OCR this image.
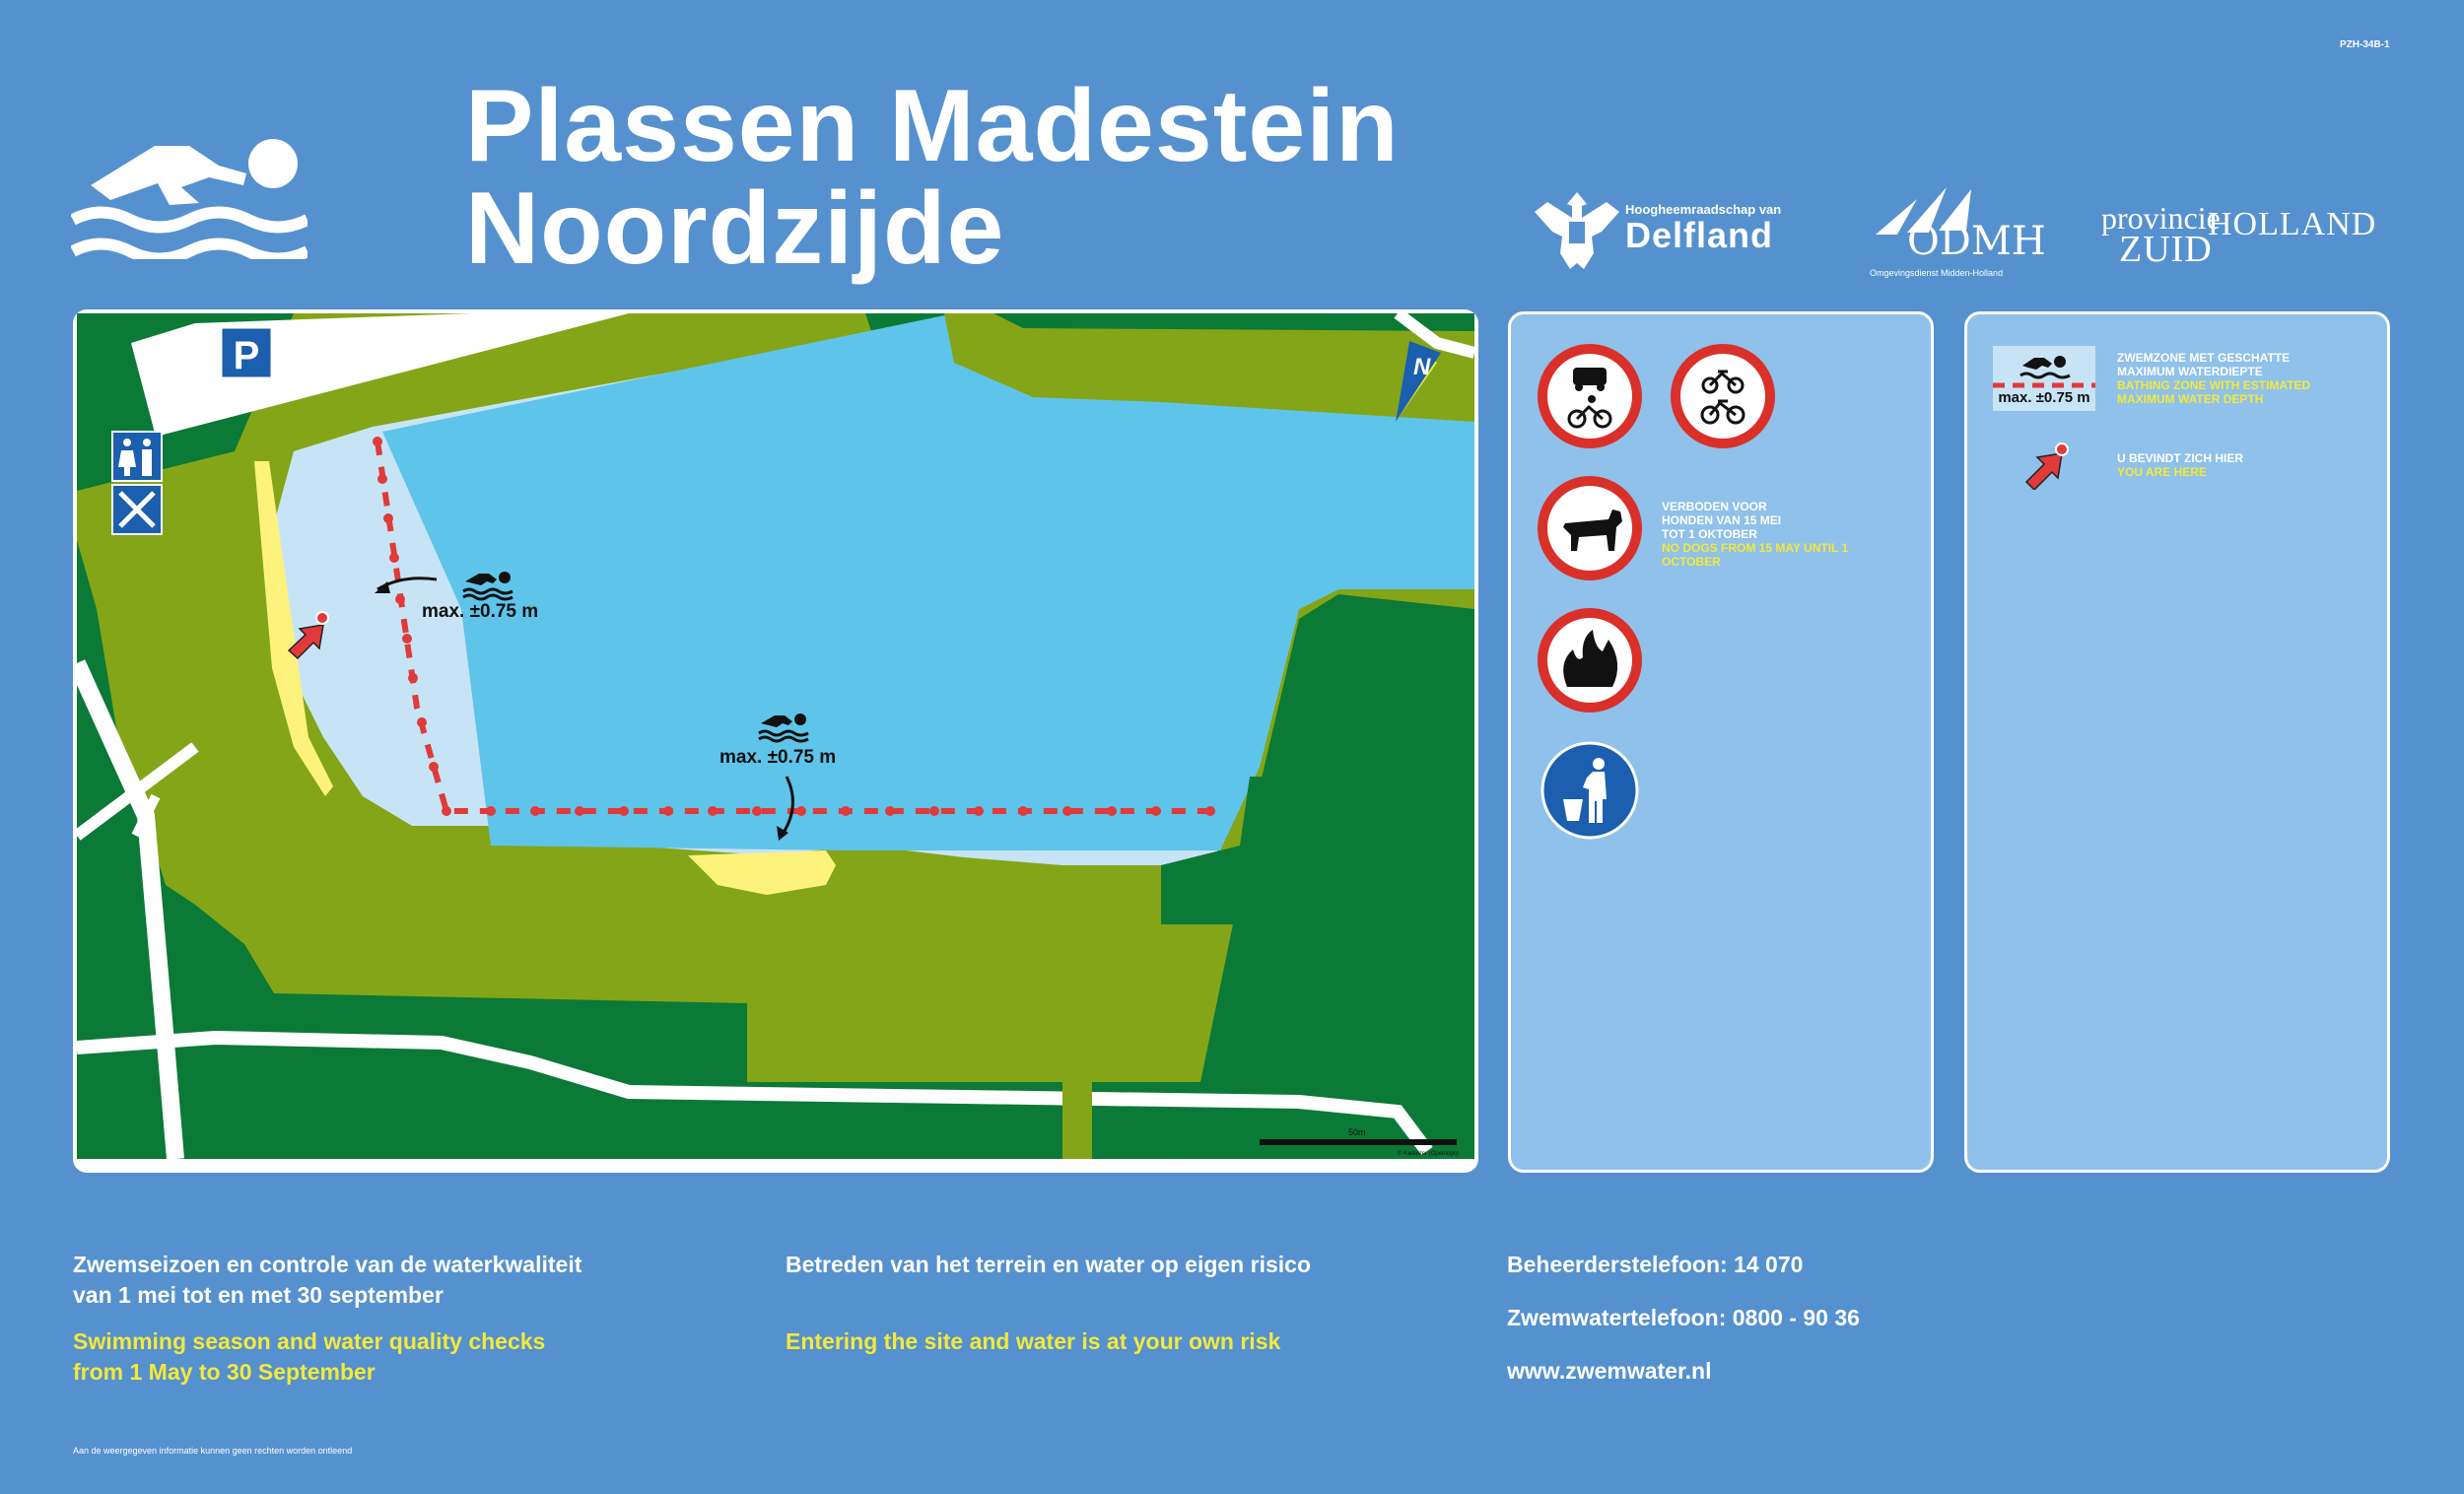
PZH-34B-1
Plassen Madestein
Noordzijde	Hoogheemraadschap van
Delfland	ODMH
Omgevingsdienst Midden-Holland
provincie
HOLLAND
ZUID
max. ±0.75 m
max. ±0.75 m
P	N
50m
© Kadaster (Opentopo)
VERBODEN VOOR HONDEN VAN 15 MEI TOT 1 OKTOBER
NO DOGS FROM 15 MAY UNTIL 1 OCTOBER
max. ±0.75 m
ZWEMZONE MET GESCHATTE MAXIMUM WATERDIEPTE
BATHING ZONE WITH ESTIMATED MAXIMUM WATER DEPTH
U BEVINDT ZICH HIER
YOU ARE HERE
Zwemseizoen en controle van de waterkwaliteit
van 1 mei tot en met 30 september
Swimming season and water quality checks
from 1 May to 30 September
Betreden van het terrein en water op eigen risico
Entering the site and water is at your own risk
Beheerderstelefoon: 14 070
Zwemwatertelefoon: 0800 - 90 36
www.zwemwater.nl
Aan de weergegeven informatie kunnen geen rechten worden ontleend
